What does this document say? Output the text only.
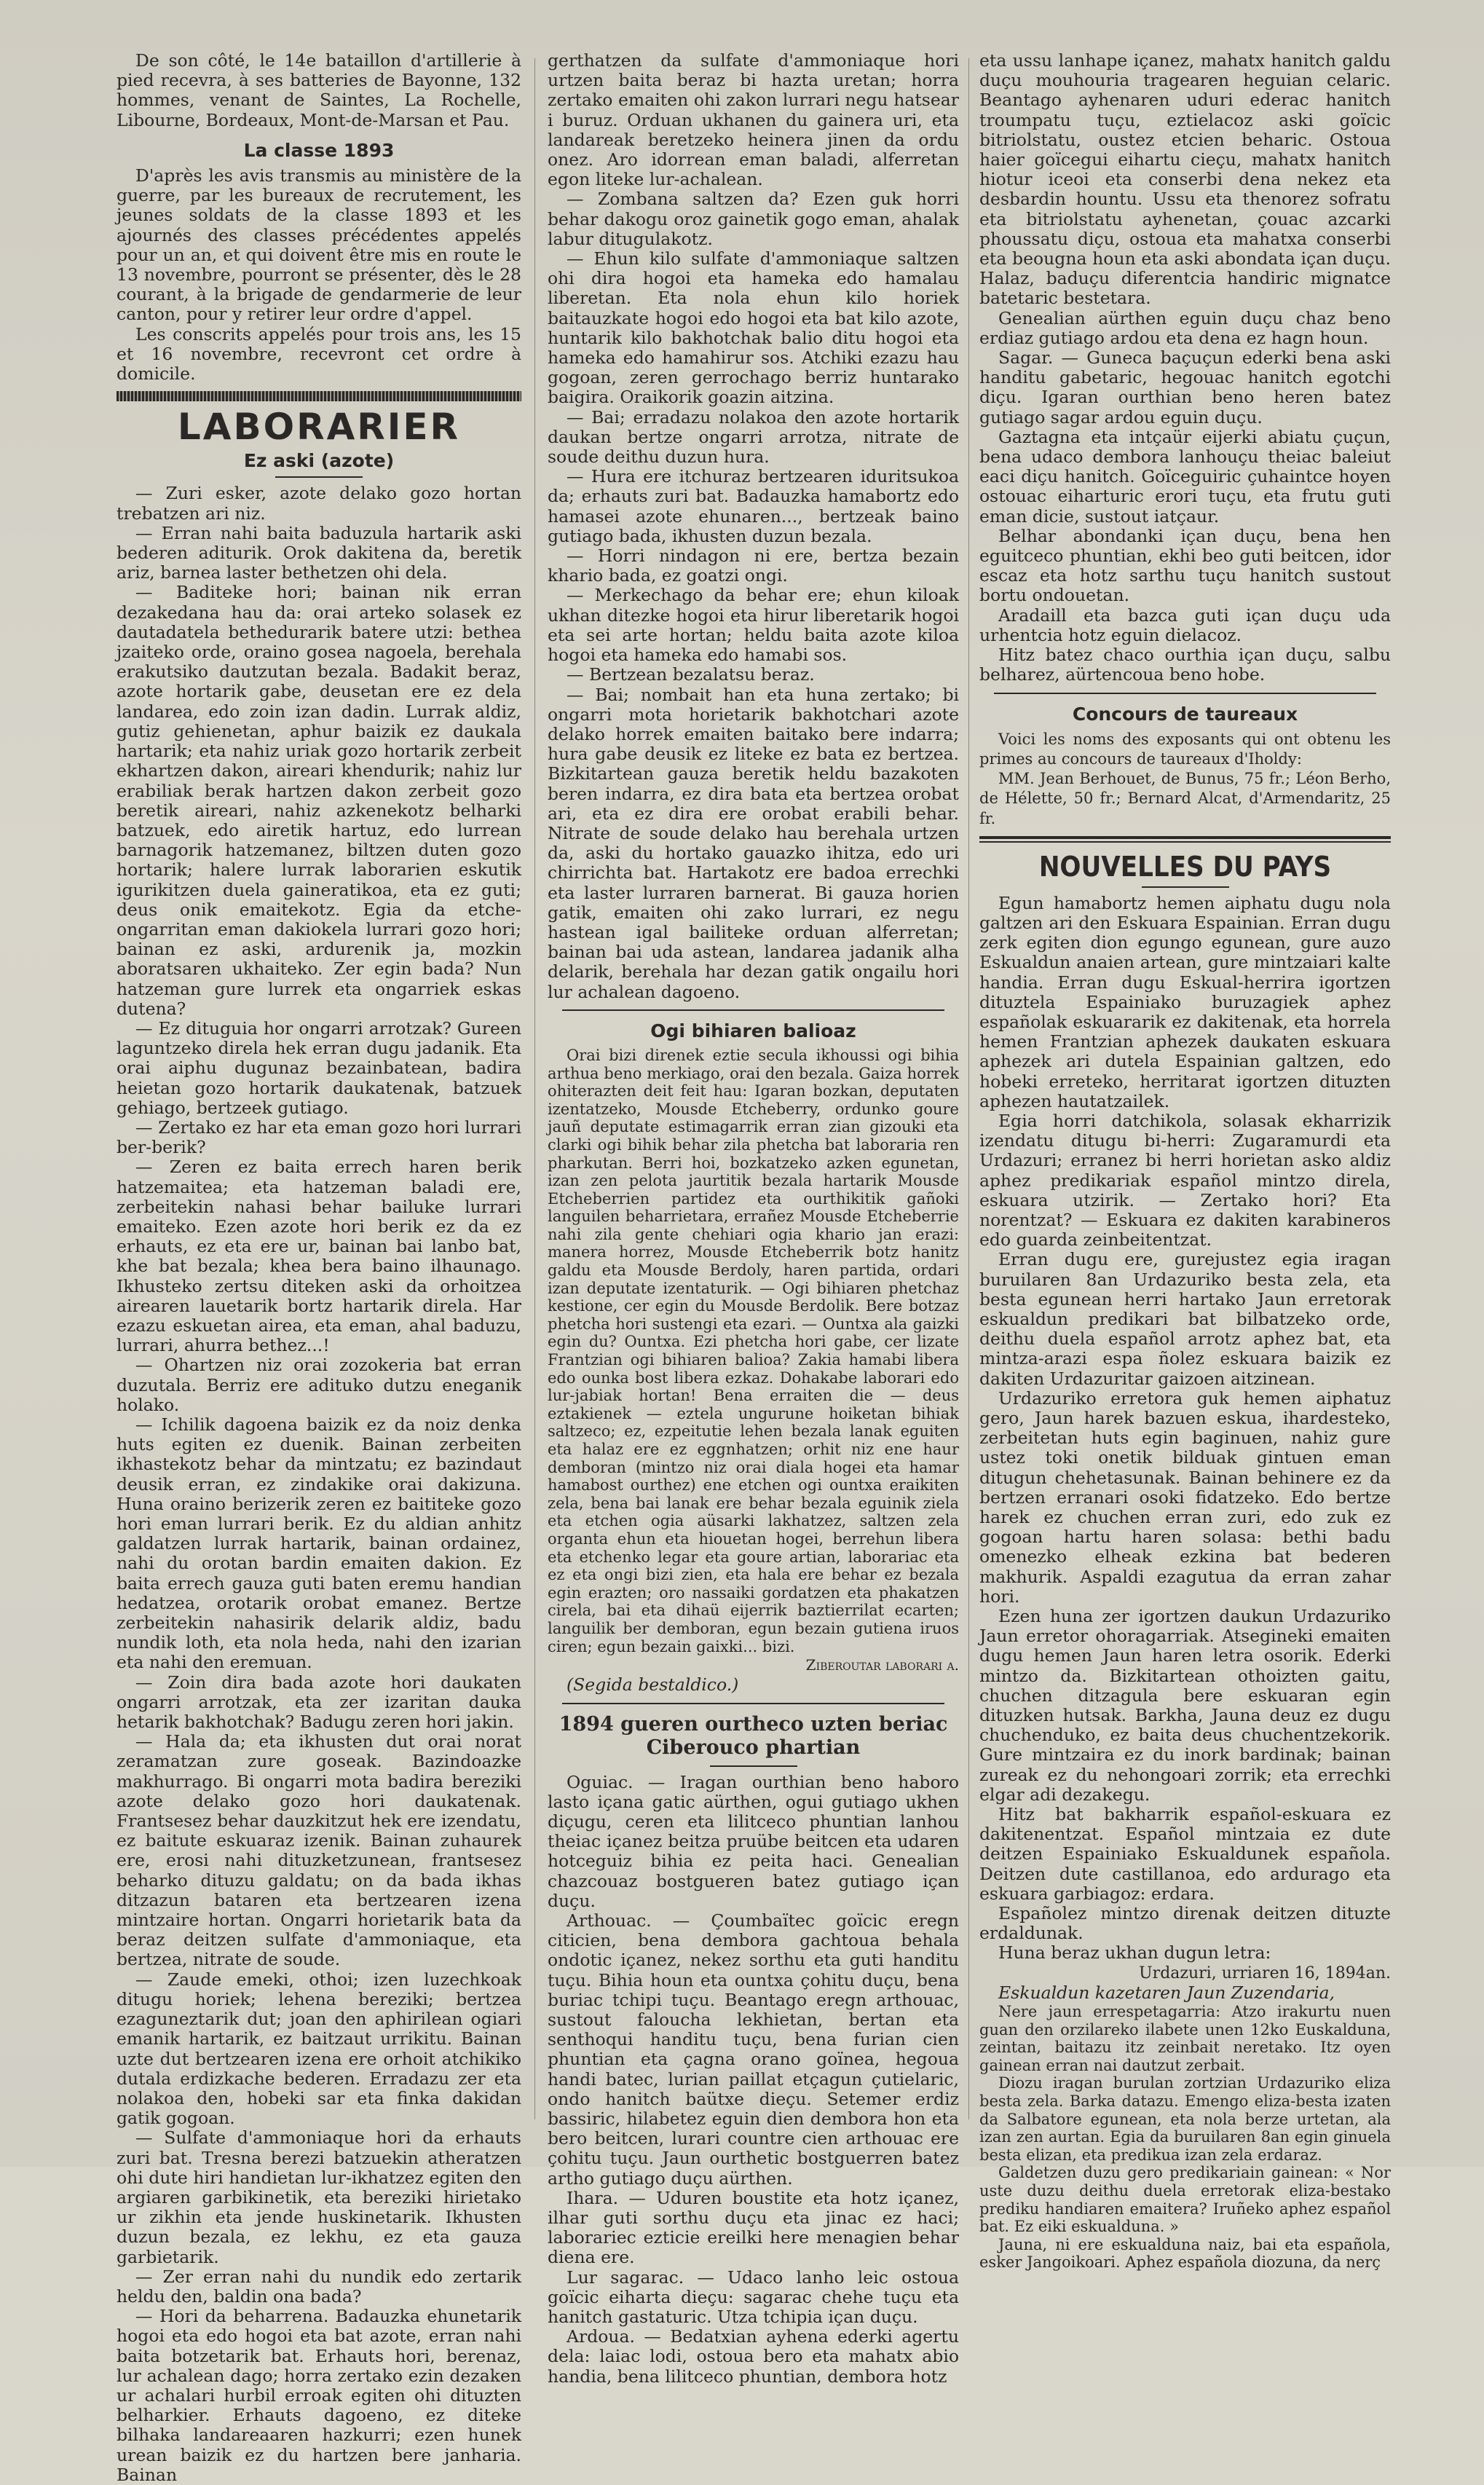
De son côté, le 14e bataillon d'artillerie à pied recevra, à ses batteries de Bayonne, 132 hommes, venant de Saintes, La Rochelle, Libourne, Bordeaux, Mont-de-Marsan et Pau.

La classe 1893

D'après les avis transmis au ministère de la guerre, par les bureaux de recrutement, les jeunes soldats de la classe 1893 et les ajournés des classes précédentes appelés pour un an, et qui doivent être mis en route le 13 novembre, pourront se présenter, dès le 28 courant, à la brigade de gendarmerie de leur canton, pour y retirer leur ordre d'appel.

Les conscrits appelés pour trois ans, les 15 et 16 novembre, recevront cet ordre à domicile.

LABORARIER
Ez aski (azote)

— Zuri esker, azote delako gozo hortan trebatzen ari niz.

— Erran nahi baita baduzula hartarik aski bederen aditurik. Orok dakitena da, beretik ariz, barnea laster bethetzen ohi dela.

— Baditeke hori; bainan nik erran dezakedana hau da: orai arteko solasek ez dautadatela bethedurarik batere utzi: bethea jzaiteko orde, oraino gosea nagoela, berehala erakutsiko dautzutan bezala. Badakit beraz, azote hortarik gabe, deusetan ere ez dela landarea, edo zoin izan dadin. Lurrak aldiz, gutiz gehienetan, aphur baizik ez daukala hartarik; eta nahiz uriak gozo hortarik zerbeit ekhartzen dakon, aireari khendurik; nahiz lur erabiliak berak hartzen dakon zerbeit gozo beretik aireari, nahiz azkenekotz belharki batzuek, edo airetik hartuz, edo lurrean barnagorik hatzemanez, biltzen duten gozo hortarik; halere lurrak laborarien eskutik igurikitzen duela gaineratikoa, eta ez guti; deus onik emaitekotz. Egia da etche-ongarritan eman dakiokela lurrari gozo hori; bainan ez aski, ardurenik ja, mozkin aboratsaren ukhaiteko. Zer egin bada? Nun hatzeman gure lurrek eta ongarriek eskas dutena?

— Ez dituguia hor ongarri arrotzak? Gureen laguntzeko direla hek erran dugu jadanik. Eta orai aiphu dugunaz bezainbatean, badira heietan gozo hortarik daukatenak, batzuek gehiago, bertzeek gutiago.

— Zertako ez har eta eman gozo hori lurrari ber-berik?

— Zeren ez baita errech haren berik hatzemaitea; eta hatzeman baladi ere, zerbeitekin nahasi behar bailuke lurrari emaiteko. Ezen azote hori berik ez da ez erhauts, ez eta ere ur, bainan bai lanbo bat, khe bat bezala; khea bera baino ilhaunago. Ikhusteko zertsu diteken aski da orhoitzea airearen lauetarik bortz hartarik direla. Har ezazu eskuetan airea, eta eman, ahal baduzu, lurrari, ahurra bethez...!

— Ohartzen niz orai zozokeria bat erran duzutala. Berriz ere adituko dutzu eneganik holako.

— Ichilik dagoena baizik ez da noiz denka huts egiten ez duenik. Bainan zerbeiten ikhastekotz behar da mintzatu; ez bazindaut deusik erran, ez zindakike orai dakizuna. Huna oraino berizerik zeren ez baititeke gozo hori eman lurrari berik. Ez du aldian anhitz galdatzen lurrak hartarik, bainan ordainez, nahi du orotan bardin emaiten dakion. Ez baita errech gauza guti baten eremu handian hedatzea, orotarik orobat emanez. Bertze zerbeitekin nahasirik delarik aldiz, badu nundik loth, eta nola heda, nahi den izarian eta nahi den eremuan.

— Zoin dira bada azote hori daukaten ongarri arrotzak, eta zer izaritan dauka hetarik bakhotchak? Badugu zeren hori jakin.

— Hala da; eta ikhusten dut orai norat zeramatzan zure goseak. Bazindoazke makhurrago. Bi ongarri mota badira bereziki azote delako gozo hori daukatenak. Frantsesez behar dauzkitzut hek ere izendatu, ez baitute eskuaraz izenik. Bainan zuhaurek ere, erosi nahi dituzketzunean, frantsesez beharko dituzu galdatu; on da bada ikhas ditzazun bataren eta bertzearen izena mintzaire hortan. Ongarri horietarik bata da beraz deitzen sulfate d'ammoniaque, eta bertzea, nitrate de soude.

— Zaude emeki, othoi; izen luzechkoak ditugu horiek; lehena bereziki; bertzea ezaguneztarik dut; joan den aphirilean ogiari emanik hartarik, ez baitzaut urrikitu. Bainan uzte dut bertzearen izena ere orhoit atchikiko dutala erdizkache bederen. Erradazu zer eta nolakoa den, hobeki sar eta finka dakidan gatik gogoan.

— Sulfate d'ammoniaque hori da erhauts zuri bat. Tresna berezi batzuekin atheratzen ohi dute hiri handietan lur-ikhatzez egiten den argiaren garbikinetik, eta bereziki hirietako ur zikhin eta jende huskinetarik. Ikhusten duzun bezala, ez lekhu, ez eta gauza garbietarik.

— Zer erran nahi du nundik edo zertarik heldu den, baldin ona bada?

— Hori da beharrena. Badauzka ehunetarik hogoi eta edo hogoi eta bat azote, erran nahi baita botzetarik bat. Erhauts hori, berenaz, lur achalean dago; horra zertako ezin dezaken ur achalari hurbil erroak egiten ohi dituzten belharkier. Erhauts dagoeno, ez diteke bilhaka landareaaren hazkurri; ezen hunek urean baizik ez du hartzen bere janharia. Bainan

gerthatzen da sulfate d'ammoniaque hori urtzen baita beraz bi hazta uretan; horra zertako emaiten ohi zakon lurrari negu hatsear i buruz. Orduan ukhanen du gainera uri, eta landareak beretzeko heinera jinen da ordu onez. Aro idorrean eman baladi, alferretan egon liteke lur-achalean.

— Zombana saltzen da? Ezen guk horri behar dakogu oroz gainetik gogo eman, ahalak labur ditugulakotz.

— Ehun kilo sulfate d'ammoniaque saltzen ohi dira hogoi eta hameka edo hamalau liberetan. Eta nola ehun kilo horiek baitauzkate hogoi edo hogoi eta bat kilo azote, huntarik kilo bakhotchak balio ditu hogoi eta hameka edo hamahirur sos. Atchiki ezazu hau gogoan, zeren gerrochago berriz huntarako baigira. Oraikorik goazin aitzina.

— Bai; erradazu nolakoa den azote hortarik daukan bertze ongarri arrotza, nitrate de soude deithu duzun hura.

— Hura ere itchuraz bertzearen iduritsukoa da; erhauts zuri bat. Badauzka hamabortz edo hamasei azote ehunaren..., bertzeak baino gutiago bada, ikhusten duzun bezala.

— Horri nindagon ni ere, bertza bezain khario bada, ez goatzi ongi.

— Merkechago da behar ere; ehun kiloak ukhan ditezke hogoi eta hirur liberetarik hogoi eta sei arte hortan; heldu baita azote kiloa hogoi eta hameka edo hamabi sos.

— Bertzean bezalatsu beraz.

— Bai; nombait han eta huna zertako; bi ongarri mota horietarik bakhotchari azote delako horrek emaiten baitako bere indarra; hura gabe deusik ez liteke ez bata ez bertzea. Bizkitartean gauza beretik heldu bazakoten beren indarra, ez dira bata eta bertzea orobat ari, eta ez dira ere orobat erabili behar. Nitrate de soude delako hau berehala urtzen da, aski du hortako gauazko ihitza, edo uri chirrichta bat. Hartakotz ere badoa errechki eta laster lurraren barnerat. Bi gauza horien gatik, emaiten ohi zako lurrari, ez negu hastean igal bailiteke orduan alferretan; bainan bai uda astean, landarea jadanik alha delarik, berehala har dezan gatik ongailu hori lur achalean dagoeno.

Ogi bihiaren balioaz

Orai bizi direnek eztie secula ikhoussi ogi bihia arthua beno merkiago, orai den bezala. Gaiza horrek ohiterazten deit feit hau: Igaran bozkan, deputaten izentatzeko, Mousde Etcheberry, ordunko goure jauñ deputate estimagarrik erran zian gizouki eta clarki ogi bihik behar zila phetcha bat laboraria ren pharkutan. Berri hoi, bozkatzeko azken egunetan, izan zen pelota jaurtitik bezala hartarik Mousde Etcheberrien partidez eta ourthikitik gañoki languilen beharrietara, errañez Mousde Etcheberrie nahi zila gente chehiari ogia khario jan erazi: manera horrez, Mousde Etcheberrik botz hanitz galdu eta Mousde Berdoly, haren partida, ordari izan deputate izentaturik. — Ogi bihiaren phetchaz kestione, cer egin du Mousde Berdolik. Bere botzaz phetcha hori sustengi eta ezari. — Ountxa ala gaizki egin du? Ountxa. Ezi phetcha hori gabe, cer lizate Frantzian ogi bihiaren balioa? Zakia hamabi libera edo ounka bost libera ezkaz. Dohakabe laborari edo lur-jabiak hortan! Bena erraiten die — deus eztakienek — eztela ungurune hoiketan bihiak saltzeco; ez, ezpeitutie lehen bezala lanak eguiten eta halaz ere ez eggnhatzen; orhit niz ene haur demboran (mintzo niz orai diala hogei eta hamar hamabost ourthez) ene etchen ogi ountxa eraikiten zela, bena bai lanak ere behar bezala eguinik ziela eta etchen ogia aüsarki lakhatzez, saltzen zela organta ehun eta hiouetan hogei, berrehun libera eta etchenko legar eta goure artian, laborariac eta ez eta ongi bizi zien, eta hala ere behar ez bezala egin erazten; oro nassaiki gordatzen eta phakatzen cirela, bai eta dihaü eijerrik baztierrilat ecarten; languilik ber demboran, egun bezain gutiena iruos ciren; egun bezain gaixki... bizi.

Ziberoutar laborari a.

(Segida bestaldico.)

1894 gueren ourtheco uzten beriac Ciberouco phartian

Oguiac. — Iragan ourthian beno haboro lasto içana gatic aürthen, ogui gutiago ukhen diçugu, ceren eta lilitceco phuntian lanhou theiac içanez beitza pruübe beitcen eta udaren hotceguiz bihia ez peita haci. Genealian chazcouaz bostgueren batez gutiago içan duçu.

Arthouac. — Çoumbaïtec goïcic eregn citicien, bena dembora gachtoua behala ondotic içanez, nekez sorthu eta guti handitu tuçu. Bihia houn eta ountxa çohitu duçu, bena buriac tchipi tuçu. Beantago eregn arthouac, sustout faloucha lekhietan, bertan eta senthoqui handitu tuçu, bena furian cien phuntian eta çagna orano goïnea, hegoua handi batec, lurian paillat etçagun çutielaric, ondo hanitch baütxe dieçu. Setemer erdiz bassiric, hilabetez eguin dien dembora hon eta bero beitcen, lurari countre cien arthouac ere çohitu tuçu. Jaun ourthetic bostguerren batez artho gutiago duçu aürthen.

Ihara. — Uduren boustite eta hotz içanez, ilhar guti sorthu duçu eta jinac ez haci; laborariec ezticie ereilki here menagien behar diena ere.

Lur sagarac. — Udaco lanho leic ostoua goïcic eiharta dieçu: sagarac chehe tuçu eta hanitch gastaturic. Utza tchipia içan duçu.

Ardoua. — Bedatxian ayhena ederki agertu dela: laiac lodi, ostoua bero eta mahatx abio handia, bena lilitceco phuntian, dembora hotz

eta ussu lanhape içanez, mahatx hanitch galdu duçu mouhouria tragearen heguian celaric. Beantago ayhenaren uduri ederac hanitch troumpatu tuçu, eztielacoz aski goïcic bitriolstatu, oustez etcien beharic. Ostoua haier goïcegui eihartu cieçu, mahatx hanitch hiotur iceoi eta conserbi dena nekez eta desbardin hountu. Ussu eta thenorez sofratu eta bitriolstatu ayhenetan, çouac azcarki phoussatu diçu, ostoua eta mahatxa conserbi eta beougna houn eta aski abondata içan duçu. Halaz, baduçu diferentcia handiric mignatce batetaric bestetara.

Genealian aürthen eguin duçu chaz beno erdiaz gutiago ardou eta dena ez hagn houn.

Sagar. — Guneca baçuçun ederki bena aski handitu gabetaric, hegouac hanitch egotchi diçu. Igaran ourthian beno heren batez gutiago sagar ardou eguin duçu.

Gaztagna eta intçaür eijerki abiatu çuçun, bena udaco dembora lanhouçu theiac baleiut eaci diçu hanitch. Goïceguiric çuhaintce hoyen ostouac eiharturic erori tuçu, eta frutu guti eman dicie, sustout iatçaur.

Belhar abondanki içan duçu, bena hen eguitceco phuntian, ekhi beo guti beitcen, idor escaz eta hotz sarthu tuçu hanitch sustout bortu ondouetan.

Aradaill eta bazca guti içan duçu uda urhentcia hotz eguin dielacoz.

Hitz batez chaco ourthia içan duçu, salbu belharez, aürtencoua beno hobe.

Concours de taureaux

Voici les noms des exposants qui ont obtenu les primes au concours de taureaux d'Iholdy:

MM. Jean Berhouet, de Bunus, 75 fr.; Léon Berho, de Hélette, 50 fr.; Bernard Alcat, d'Armendaritz, 25 fr.

NOUVELLES DU PAYS

Egun hamabortz hemen aiphatu dugu nola galtzen ari den Eskuara Espainian. Erran dugu zerk egiten dion egungo egunean, gure auzo Eskualdun anaien artean, gure mintzaiari kalte handia. Erran dugu Eskual-herrira igortzen dituztela Espainiako buruzagiek aphez españolak eskuararik ez dakitenak, eta horrela hemen Frantzian aphezek daukaten eskuara aphezek ari dutela Espainian galtzen, edo hobeki erreteko, herritarat igortzen dituzten aphezen hautatzailek.

Egia horri datchikola, solasak ekharrizik izendatu ditugu bi-herri: Zugaramurdi eta Urdazuri; erranez bi herri horietan asko aldiz aphez predikariak español mintzo direla, eskuara utzirik. — Zertako hori? Eta norentzat? — Eskuara ez dakiten karabineros edo guarda zeinbeitentzat.

Erran dugu ere, gurejustez egia iragan buruilaren 8an Urdazuriko besta zela, eta besta egunean herri hartako Jaun erretorak eskualdun predikari bat bilbatzeko orde, deithu duela español arrotz aphez bat, eta mintza-arazi espa ñolez eskuara baizik ez dakiten Urdazuritar gaizoen aitzinean.

Urdazuriko erretora guk hemen aiphatuz gero, Jaun harek bazuen eskua, ihardesteko, zerbeitetan huts egin baginuen, nahiz gure ustez toki onetik bilduak gintuen eman ditugun chehetasunak. Bainan behinere ez da bertzen erranari osoki fidatzeko. Edo bertze harek ez chuchen erran zuri, edo zuk ez gogoan hartu haren solasa: bethi badu omenezko elheak ezkina bat bederen makhurik. Aspaldi ezagutua da erran zahar hori.

Ezen huna zer igortzen daukun Urdazuriko Jaun erretor ohoragarriak. Atsegineki emaiten dugu hemen Jaun haren letra osorik. Ederki mintzo da. Bizkitartean othoizten gaitu, chuchen ditzagula bere eskuaran egin dituzken hutsak. Barkha, Jauna deuz ez dugu chuchenduko, ez baita deus chuchentzekorik. Gure mintzaira ez du inork bardinak; bainan zureak ez du nehongoari zorrik; eta errechki elgar adi dezakegu.

Hitz bat bakharrik español-eskuara ez dakitenentzat. Español mintzaia ez dute deitzen Espainiako Eskualdunek española. Deitzen dute castillanoa, edo ardurago eta eskuara garbiagoz: erdara.

Españolez mintzo direnak deitzen dituzte erdaldunak.

Huna beraz ukhan dugun letra:

Urdazuri, urriaren 16, 1894an.

Eskualdun kazetaren Jaun Zuzendaria,

Nere jaun errespetagarria: Atzo irakurtu nuen guan den orzilareko ilabete unen 12ko Euskalduna, zeintan, baitazu itz zeinbait neretako. Itz oyen gainean erran nai dautzut zerbait.

Diozu iragan burulan zortzian Urdazuriko eliza besta zela. Barka datazu. Emengo eliza-besta izaten da Salbatore egunean, eta nola berze urtetan, ala izan zen aurtan. Egia da buruilaren 8an egin ginuela besta elizan, eta predikua izan zela erdaraz.

Galdetzen duzu gero predikariain gainean: « Nor uste duzu deithu duela erretorak eliza-bestako prediku handiaren emaitera? Iruñeko aphez español bat. Ez eiki eskualduna. »

Jauna, ni ere eskualduna naiz, bai eta española, esker Jangoikoari. Aphez española diozuna, da nerç
